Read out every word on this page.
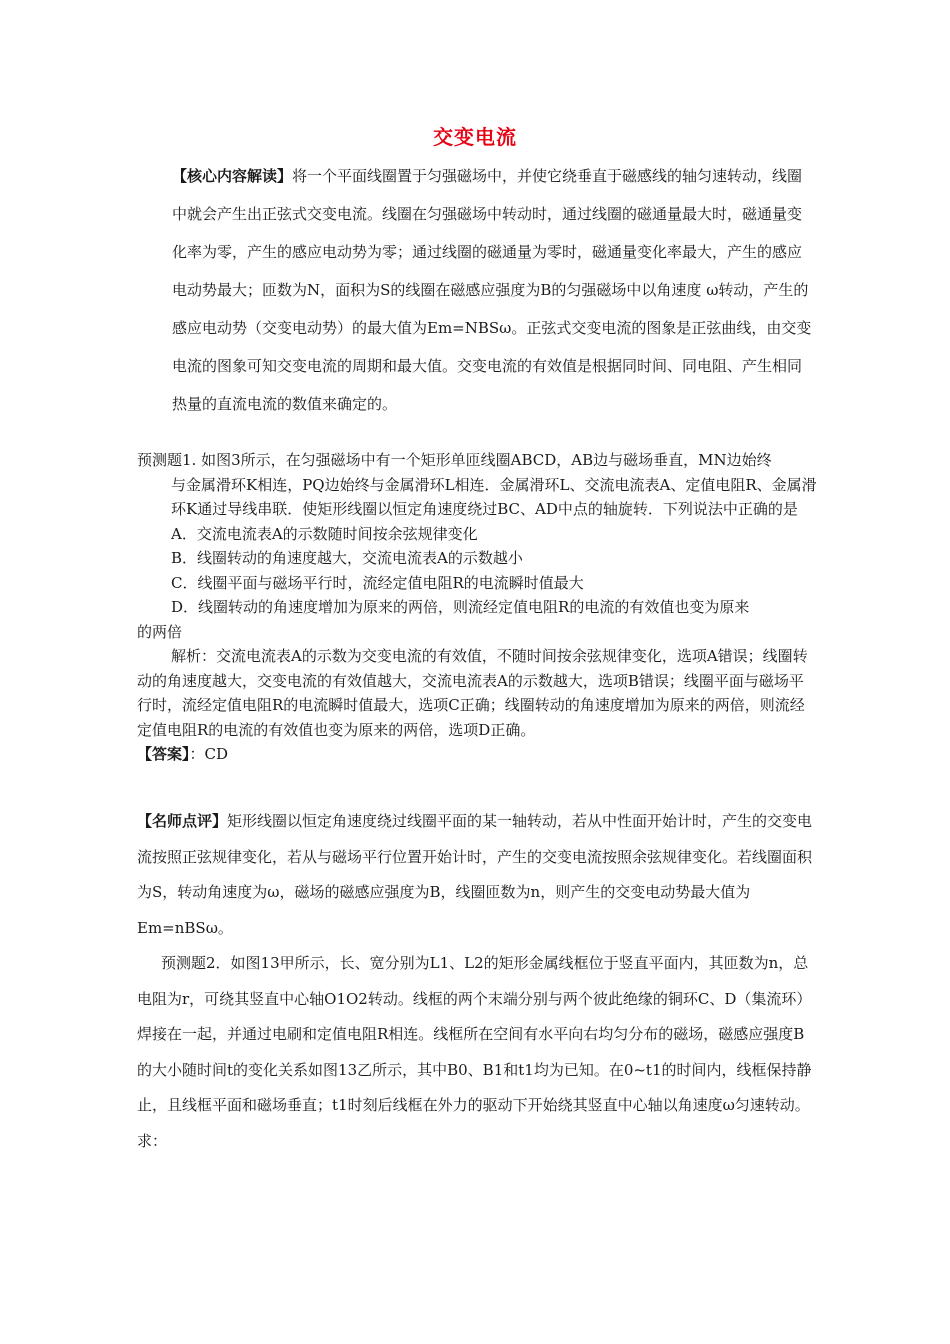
交变电流
【核心内容解读】将一个平面线圈置于匀强磁场中，并使它绕垂直于磁感线的轴匀速转动，线圈中就会产生出正弦式交变电流。线圈在匀强磁场中转动时，通过线圈的磁通量最大时，磁通量变化率为零，产生的感应电动势为零；通过线圈的磁通量为零时，磁通量变化率最大，产生的感应电动势最大；匝数为N，面积为S的线圈在磁感应强度为B的匀强磁场中以角速度 ω转动，产生的感应电动势（交变电动势）的最大值为Em=NBSω。正弦式交变电流的图象是正弦曲线，由交变电流的图象可知交变电流的周期和最大值。交变电流的有效值是根据同时间、同电阻、产生相同热量的直流电流的数值来确定的。
预测题1. 如图3所示，在匀强磁场中有一个矩形单匝线圈ABCD，AB边与磁场垂直，MN边始终
与金属滑环K相连，PQ边始终与金属滑环L相连．金属滑环L、交流电流表A、定值电阻R、金属滑环K通过导线串联．使矩形线圈以恒定角速度绕过BC、AD中点的轴旋转．下列说法中正确的是
A．交流电流表A的示数随时间按余弦规律变化
B．线圈转动的角速度越大，交流电流表A的示数越小
C．线圈平面与磁场平行时，流经定值电阻R的电流瞬时值最大
D．线圈转动的角速度增加为原来的两倍，则流经定值电阻R的电流的有效值也变为原来
的两倍
解析：交流电流表A的示数为交变电流的有效值，不随时间按余弦规律变化，选项A错误；线圈转动的角速度越大，交变电流的有效值越大，交流电流表A的示数越大，选项B错误；线圈平面与磁场平行时，流经定值电阻R的电流瞬时值最大，选项C正确；线圈转动的角速度增加为原来的两倍，则流经定值电阻R的电流的有效值也变为原来的两倍，选项D正确。
【答案】：CD
【名师点评】矩形线圈以恒定角速度绕过线圈平面的某一轴转动，若从中性面开始计时，产生的交变电流按照正弦规律变化，若从与磁场平行位置开始计时，产生的交变电流按照余弦规律变化。若线圈面积为S，转动角速度为ω，磁场的磁感应强度为B，线圈匝数为n，则产生的交变电动势最大值为Em=nBSω。
预测题2．如图13甲所示，长、宽分别为L1、L2的矩形金属线框位于竖直平面内，其匝数为n，总电阻为r，可绕其竖直中心轴O1O2转动。线框的两个末端分别与两个彼此绝缘的铜环C、D（集流环）焊接在一起，并通过电刷和定值电阻R相连。线框所在空间有水平向右均匀分布的磁场，磁感应强度B的大小随时间t的变化关系如图13乙所示，其中B0、B1和t1均为已知。在0~t1的时间内，线框保持静止，且线框平面和磁场垂直；t1时刻后线框在外力的驱动下开始绕其竖直中心轴以角速度ω匀速转动。求：
